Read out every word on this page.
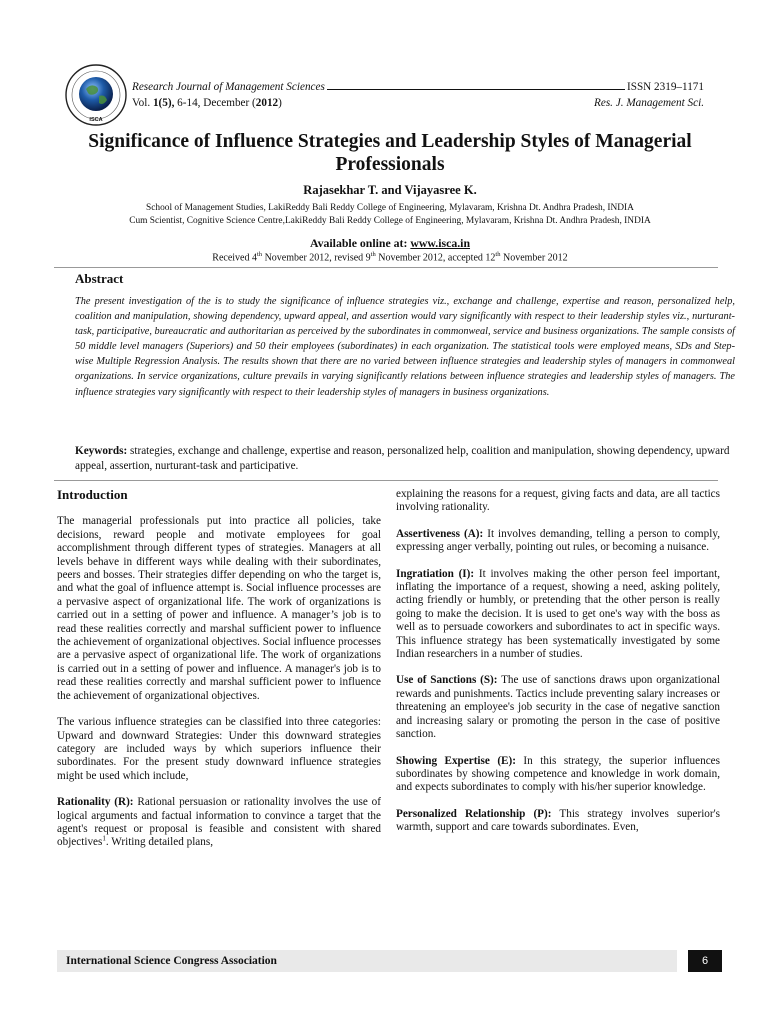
ISCA
Research Journal of Management Sciences	ISSN 2319–1171
Vol. 1(5), 6-14, December (2012)	Res. J. Management Sci.
Significance of Influence Strategies and Leadership Styles of Managerial Professionals
Rajasekhar T. and Vijayasree K.
School of Management Studies, LakiReddy Bali Reddy College of Engineering, Mylavaram, Krishna Dt. Andhra Pradesh, INDIA
Cum Scientist, Cognitive Science Centre,LakiReddy Bali Reddy College of Engineering, Mylavaram, Krishna Dt. Andhra Pradesh, INDIA
Available online at: www.isca.in
Received 4th November 2012, revised 9th November 2012, accepted 12th November 2012
Abstract
The present investigation of the is to study the significance of influence strategies viz., exchange and challenge, expertise and reason, personalized help, coalition and manipulation, showing dependency, upward appeal, and assertion would vary significantly with respect to their leadership styles viz., nurturant-task, participative, bureaucratic and authoritarian as perceived by the subordinates in commonweal, service and business organizations. The sample consists of 50 middle level managers (Superiors) and 50 their employees (subordinates) in each organization. The statistical tools were employed means, SDs and Step-wise Multiple Regression Analysis. The results shown that there are no varied between influence strategies and leadership styles of managers in commonweal organizations. In service organizations, culture prevails in varying significantly relations between influence strategies and leadership styles of managers. The influence strategies vary significantly with respect to their leadership styles of managers in business organizations.
Keywords: strategies, exchange and challenge, expertise and reason, personalized help, coalition and manipulation, showing dependency, upward appeal, assertion, nurturant-task and participative.
Introduction

The managerial professionals put into practice all policies, take decisions, reward people and motivate employees for goal accomplishment through different types of strategies. Managers at all levels behave in different ways while dealing with their subordinates, peers and bosses. Their strategies differ depending on who the target is, and what the goal of influence attempt is. Social influence processes are a pervasive aspect of organizational life. The work of organizations is carried out in a setting of power and influence. A manager’s job is to read these realities correctly and marshal sufficient power to influence the achievement of organizational objectives. Social influence processes are a pervasive aspect of organizational life. The work of organizations is carried out in a setting of power and influence. A manager's job is to read these realities correctly and marshal sufficient power to influence the achievement of organizational objectives.

The various influence strategies can be classified into three categories: Upward and downward Strategies: Under this downward strategies category are included ways by which superiors influence their subordinates. For the present study downward influence strategies might be used which include,

Rationality (R): Rational persuasion or rationality involves the use of logical arguments and factual information to convince a target that the agent's request or proposal is feasible and consistent with shared objectives$^1$. Writing detailed plans,

explaining the reasons for a request, giving facts and data, are all tactics involving rationality.

Assertiveness (A): It involves demanding, telling a person to comply, expressing anger verbally, pointing out rules, or becoming a nuisance.

Ingratiation (I): It involves making the other person feel important, inflating the importance of a request, showing a need, asking politely, acting friendly or humbly, or pretending that the other person is really going to make the decision. It is used to get one's way with the boss as well as to persuade coworkers and subordinates to act in specific ways. This influence strategy has been systematically investigated by some Indian researchers in a number of studies.

Use of Sanctions (S): The use of sanctions draws upon organizational rewards and punishments. Tactics include preventing salary increases or threatening an employee's job security in the case of negative sanction and increasing salary or promoting the person in the case of positive sanction.

Showing Expertise (E): In this strategy, the superior influences subordinates by showing competence and knowledge in work domain, and expects subordinates to comply with his/her superior knowledge.

Personalized Relationship (P): This strategy involves superior's warmth, support and care towards subordinates. Even,

International Science Congress Association	6
